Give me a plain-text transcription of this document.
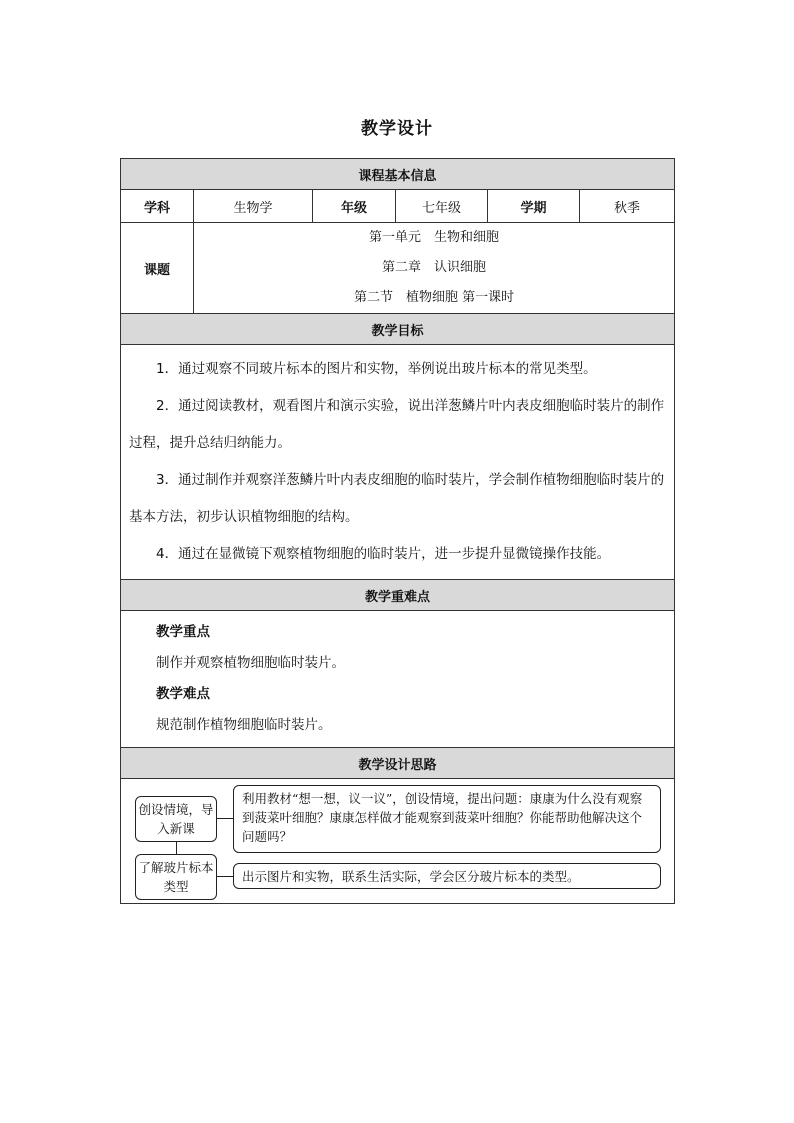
教学设计
课程基本信息					
学科	生物学	年级	七年级	学期	秋季
课题	第一单元　生物和细胞
第二章　认识细胞
第二节　植物细胞 第一课时				

教学目标					

1．通过观察不同玻片标本的图片和实物，举例说出玻片标本的常见类型。

2．通过阅读教材，观看图片和演示实验，说出洋葱鳞片叶内表皮细胞临时装片的制作过程，提升总结归纳能力。

3．通过制作并观察洋葱鳞片叶内表皮细胞的临时装片，学会制作植物细胞临时装片的基本方法，初步认识植物细胞的结构。

4．通过在显微镜下观察植物细胞的临时装片，进一步提升显微镜操作技能。					

教学重难点					

教学重点

制作并观察植物细胞临时装片。

教学难点

规范制作植物细胞临时装片。					

教学设计思路					

创设情境，导入新课
利用教材“想一想，议一议”，创设情境，提出问题：康康为什么没有观察到菠菜叶细胞？康康怎样做才能观察到菠菜叶细胞？你能帮助他解决这个问题吗？
了解玻片标本类型
出示图片和实物，联系生活实际，学会区分玻片标本的类型。					
